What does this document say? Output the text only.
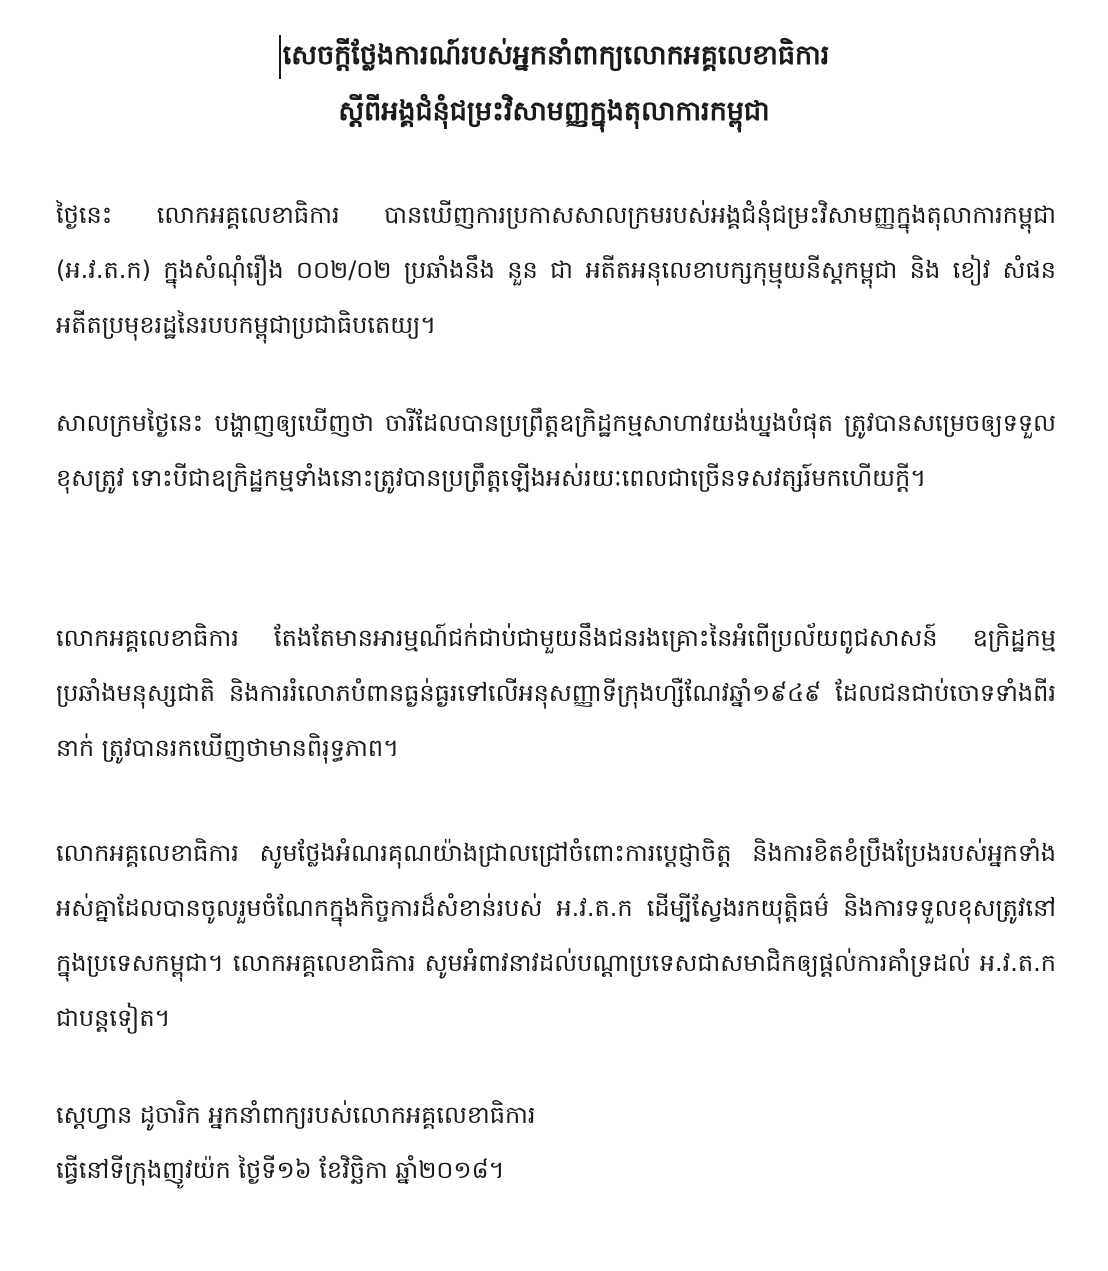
សេចក្ដីថ្លែងការណ៍របស់អ្នកនាំពាក្យលោកអគ្គលេខាធិការ
ស្ដីពីអង្គជំនុំជម្រះវិសាមញ្ញក្នុងតុលាការកម្ពុជា

ថ្ងៃនេះ លោកអគ្គលេខាធិការ បានឃើញការប្រកាសសាលក្រមរបស់អង្គជំនុំជម្រះវិសាមញ្ញក្នុងតុលាការកម្ពុជា (អ.វ.ត.ក) ក្នុងសំណុំរឿង ០០២/០២ ប្រឆាំងនឹង នួន ជា អតីតអនុលេខាបក្សកុម្មុយនីស្តកម្ពុជា និង ខៀវ សំផន អតីតប្រមុខរដ្ឋនៃរបបកម្ពុជាប្រជាធិបតេយ្យ។

សាលក្រមថ្ងៃនេះ បង្ហាញឲ្យឃើញថា ចារីដែលបានប្រព្រឹត្តឧក្រិដ្ឋកម្មសាហាវយង់ឃ្នងបំផុត ត្រូវបានសម្រេចឲ្យទទួលខុសត្រូវ ទោះបីជាឧក្រិដ្ឋកម្មទាំងនោះត្រូវបានប្រព្រឹត្តឡើងអស់រយៈពេលជាច្រើនទសវត្សរ៍មកហើយក្ដី។

លោកអគ្គលេខាធិការ តែងតែមានអារម្មណ៍ជក់ជាប់ជាមួយនឹងជនរងគ្រោះនៃអំពើប្រល័យពូជសាសន៍ ឧក្រិដ្ឋកម្មប្រឆាំងមនុស្សជាតិ និងការរំលោភបំពានធ្ងន់ធ្ងរទៅលើអនុសញ្ញាទីក្រុងហ្សឺណែវឆ្នាំ១៩៤៩ ដែលជនជាប់ចោទទាំងពីរនាក់ ត្រូវបានរកឃើញថាមានពិរុទ្ធភាព។

លោកអគ្គលេខាធិការ សូមថ្លែងអំណរគុណយ៉ាងជ្រាលជ្រៅចំពោះការប្ដេជ្ញាចិត្ត និងការខិតខំប្រឹងប្រែងរបស់អ្នកទាំងអស់គ្នាដែលបានចូលរួមចំណែកក្នុងកិច្ចការដ៏សំខាន់របស់ អ.វ.ត.ក ដើម្បីស្វែងរកយុត្តិធម៌ និងការទទួលខុសត្រូវនៅក្នុងប្រទេសកម្ពុជា។ លោកអគ្គលេខាធិការ សូមអំពាវនាវដល់បណ្ដាប្រទេសជាសមាជិកឲ្យផ្ដល់ការគាំទ្រដល់ អ.វ.ត.ក ជាបន្តទៀត។

ស្ដេហ្វាន ដូចារិក អ្នកនាំពាក្យរបស់លោកអគ្គលេខាធិការ
ធ្វើនៅទីក្រុងញូវយ៉ក ថ្ងៃទី១៦ ខែវិច្ឆិកា ឆ្នាំ២០១៨។
